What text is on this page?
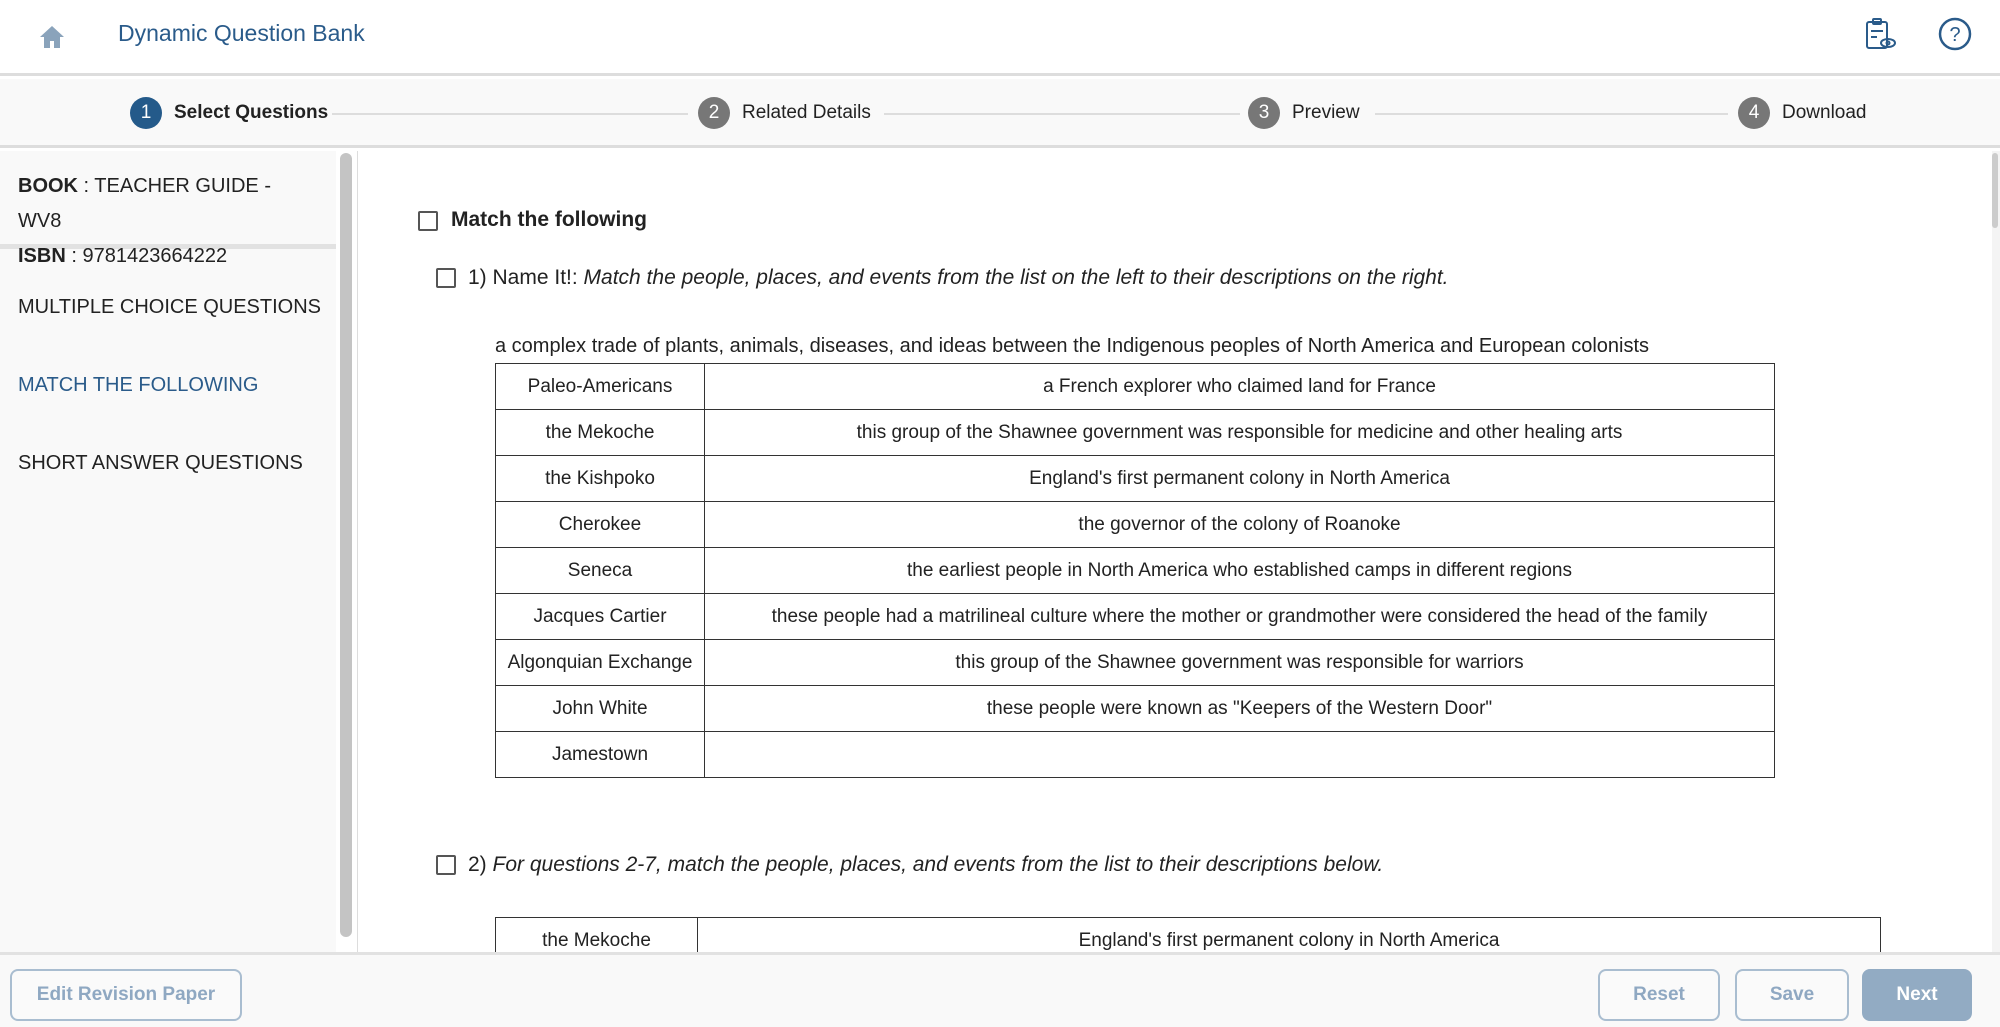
Dynamic Question Bank	?
1	Select Questions	2	Related Details	3	Preview	4	Download
BOOK : TEACHER GUIDE - WV8
ISBN : 9781423664222
MULTIPLE CHOICE QUESTIONS
MATCH THE FOLLOWING
SHORT ANSWER QUESTIONS
Match the following
1) Name It!: Match the people, places, and events from the list on the left to their descriptions on the right.
a complex trade of plants, animals, diseases, and ideas between the Indigenous peoples of North America and European colonists
Paleo-Americans	a French explorer who claimed land for France
the Mekoche	this group of the Shawnee government was responsible for medicine and other healing arts
the Kishpoko	England's first permanent colony in North America
Cherokee	the governor of the colony of Roanoke
Seneca	the earliest people in North America who established camps in different regions
Jacques Cartier	these people had a matrilineal culture where the mother or grandmother were considered the head of the family
Algonquian Exchange	this group of the Shawnee government was responsible for warriors
John White	these people were known as "Keepers of the Western Door"
Jamestown	
2) For questions 2-7, match the people, places, and events from the list to their descriptions below.
the Mekoche	England's first permanent colony in North America
Edit Revision Paper	Reset	Save	Next
